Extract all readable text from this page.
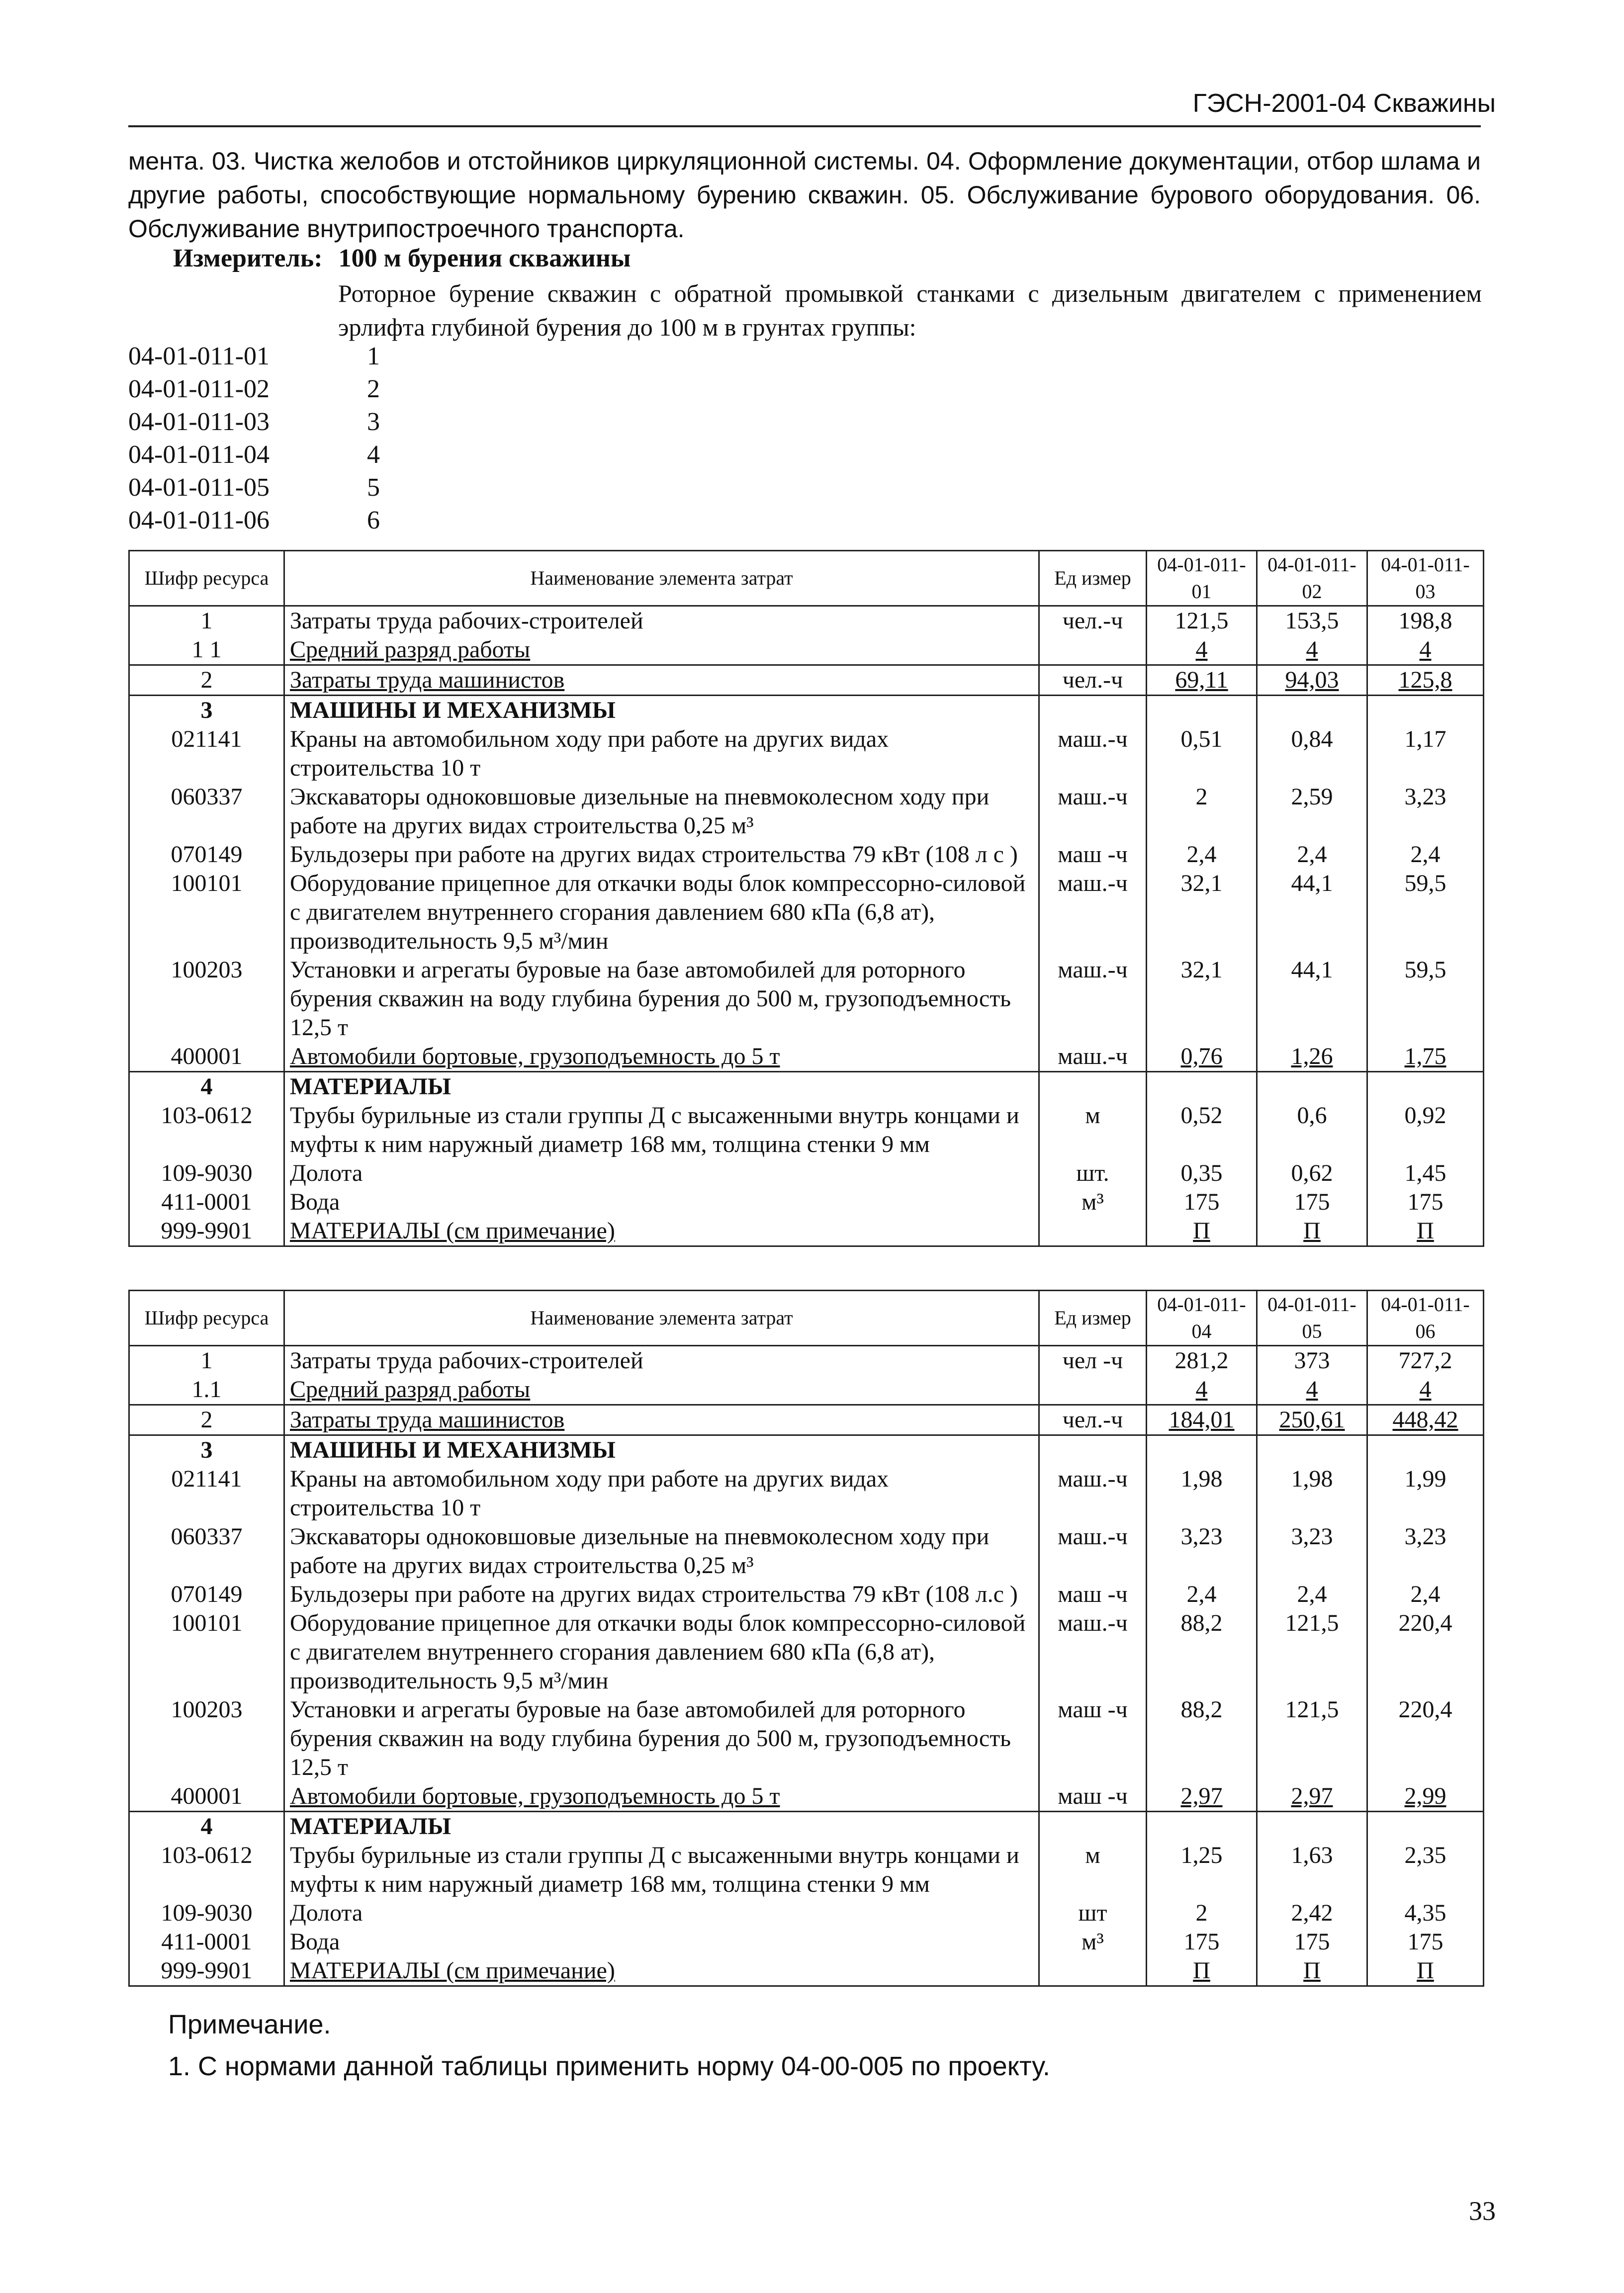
ГЭСН-2001-04 Скважины
мента. 03. Чистка желобов и отстойников циркуляционной системы. 04. Оформление документации, отбор шлама и другие работы, способствующие нормальному бурению скважин. 05. Обслуживание бурового оборудования. 06. Обслуживание внутрипостроечного транспорта.
Измеритель: 100 м бурения скважины
Роторное бурение скважин с обратной промывкой станками с дизельным двигателем с применением эрлифта глубиной бурения до 100 м в грунтах группы:
04-01-011-01	1
04-01-011-02	2
04-01-011-03	3
04-01-011-04	4
04-01-011-05	5
04-01-011-06	6
Шифр ресурса	Наименование элемента затрат	Ед измер	04-01-011-01	04-01-011-02	04-01-011-03
1	Затраты труда рабочих-строителей	чел.-ч	121,5	153,5	198,8
1 1	Средний разряд работы		4	4	4
2	Затраты труда машинистов	чел.-ч	69,11	94,03	125,8
3	МАШИНЫ И МЕХАНИЗМЫ				
021141	Краны на автомобильном ходу при работе на других видах строительства 10 т	маш.-ч	0,51	0,84	1,17
060337	Экскаваторы одноковшовые дизельные на пневмоколесном ходу при работе на других видах строительства 0,25 м³	маш.-ч	2	2,59	3,23
070149	Бульдозеры при работе на других видах строительства 79 кВт (108 л с )	маш -ч	2,4	2,4	2,4
100101	Оборудование прицепное для откачки воды блок компрессорно-силовой с двигателем внутреннего сгорания давлением 680 кПа (6,8 ат), производительность 9,5 м³/мин	маш.-ч	32,1	44,1	59,5
100203	Установки и агрегаты буровые на базе автомобилей для роторного бурения скважин на воду глубина бурения до 500 м, грузоподъемность 12,5 т	маш.-ч	32,1	44,1	59,5
400001	Автомобили бортовые, грузоподъемность до 5 т	маш.-ч	0,76	1,26	1,75
4	МАТЕРИАЛЫ				
103-0612	Трубы бурильные из стали группы Д с высаженными внутрь концами и муфты к ним наружный диаметр 168 мм, толщина стенки 9 мм	м	0,52	0,6	0,92
109-9030	Долота	шт.	0,35	0,62	1,45
411-0001	Вода	м³	175	175	175
999-9901	МАТЕРИАЛЫ (см примечание)		П	П	П
Шифр ресурса	Наименование элемента затрат	Ед измер	04-01-011-04	04-01-011-05	04-01-011-06
1	Затраты труда рабочих-строителей	чел -ч	281,2	373	727,2
1.1	Средний разряд работы		4	4	4
2	Затраты труда машинистов	чел.-ч	184,01	250,61	448,42
3	МАШИНЫ И МЕХАНИЗМЫ				
021141	Краны на автомобильном ходу при работе на других видах строительства 10 т	маш.-ч	1,98	1,98	1,99
060337	Экскаваторы одноковшовые дизельные на пневмоколесном ходу при работе на других видах строительства 0,25 м³	маш.-ч	3,23	3,23	3,23
070149	Бульдозеры при работе на других видах строительства 79 кВт (108 л.с )	маш -ч	2,4	2,4	2,4
100101	Оборудование прицепное для откачки воды блок компрессорно-силовой с двигателем внутреннего сгорания давлением 680 кПа (6,8 ат), производительность 9,5 м³/мин	маш.-ч	88,2	121,5	220,4
100203	Установки и агрегаты буровые на базе автомобилей для роторного бурения скважин на воду глубина бурения до 500 м, грузоподъемность 12,5 т	маш -ч	88,2	121,5	220,4
400001	Автомобили бортовые, грузоподъемность до 5 т	маш -ч	2,97	2,97	2,99
4	МАТЕРИАЛЫ				
103-0612	Трубы бурильные из стали группы Д с высаженными внутрь концами и муфты к ним наружный диаметр 168 мм, толщина стенки 9 мм	м	1,25	1,63	2,35
109-9030	Долота	шт	2	2,42	4,35
411-0001	Вода	м³	175	175	175
999-9901	МАТЕРИАЛЫ (см примечание)		П	П	П
Примечание.
1. С нормами данной таблицы применить норму 04-00-005 по проекту.
33
